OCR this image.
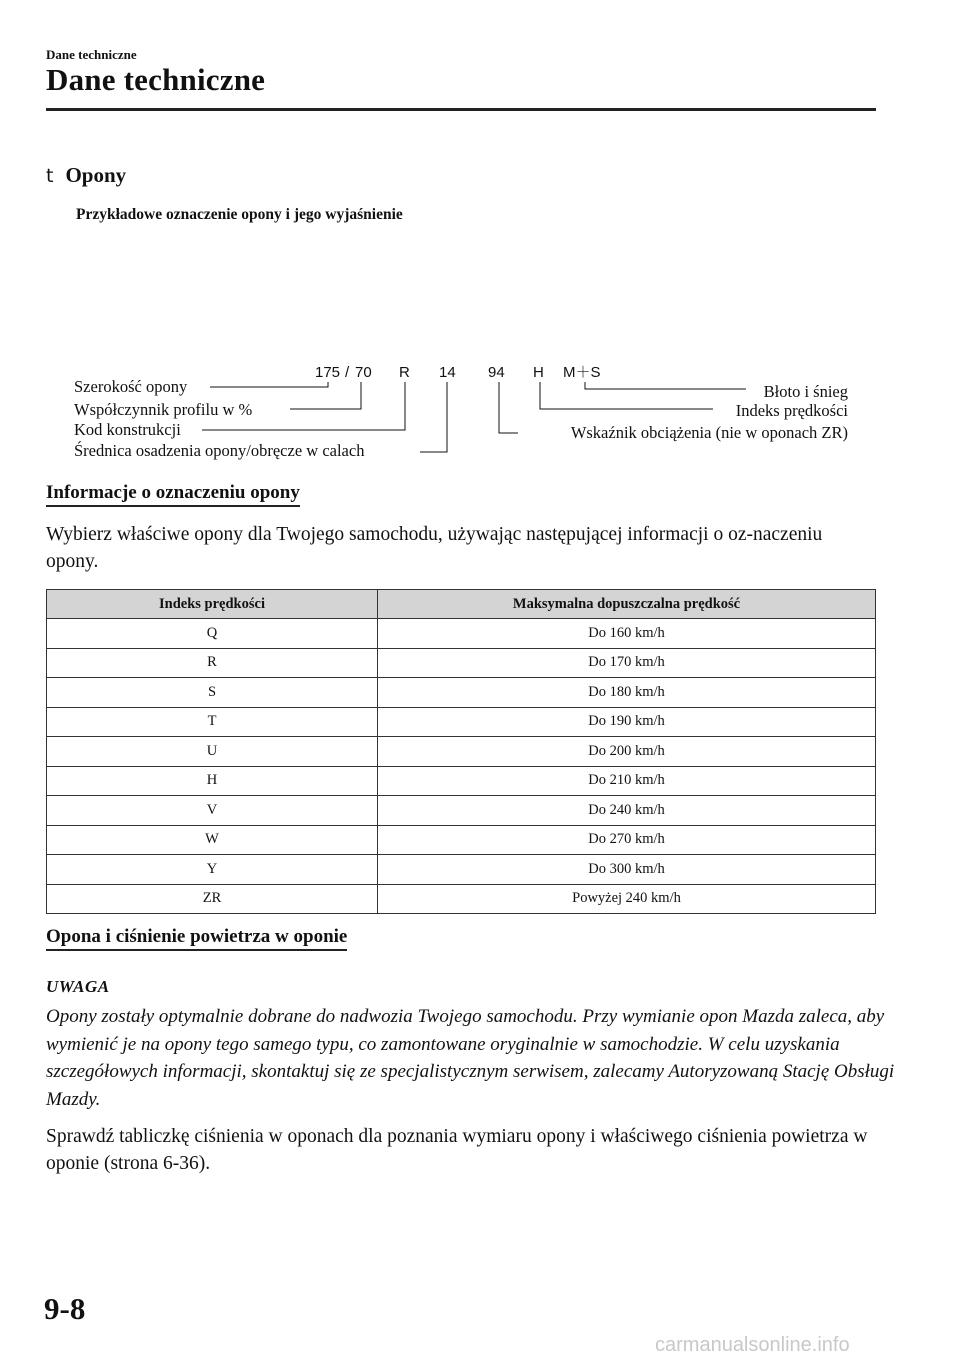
Dane techniczne
Dane techniczne
t Opony
Przykładowe oznaczenie opony i jego wyjaśnienie
175 / 70 R 14 94 H M＋S
Szerokość opony
Współczynnik profilu w %
Kod konstrukcji
Średnica osadzenia opony/obręcze w calach
Błoto i śnieg
Indeks prędkości
Wskaźnik obciążenia (nie w oponach ZR)
Informacje o oznaczeniu opony
Wybierz właściwe opony dla Twojego samochodu, używając następującej informacji o oz-naczeniu opony.
Indeks prędkości	Maksymalna dopuszczalna prędkość
Q	Do 160 km/h
R	Do 170 km/h
S	Do 180 km/h
T	Do 190 km/h
U	Do 200 km/h
H	Do 210 km/h
V	Do 240 km/h
W	Do 270 km/h
Y	Do 300 km/h
ZR	Powyżej 240 km/h
Opona i ciśnienie powietrza w oponie
UWAGA
Opony zostały optymalnie dobrane do nadwozia Twojego samochodu. Przy wymianie opon Mazda zaleca, aby wymienić je na opony tego samego typu, co zamontowane oryginalnie w samochodzie. W celu uzyskania szczegółowych informacji, skontaktuj się ze specjalistycznym serwisem, zalecamy Autoryzowaną Stację Obsługi Mazdy.
Sprawdź tabliczkę ciśnienia w oponach dla poznania wymiaru opony i właściwego ciśnienia powietrza w oponie (strona 6-36).
9-8
carmanualsonline.info
